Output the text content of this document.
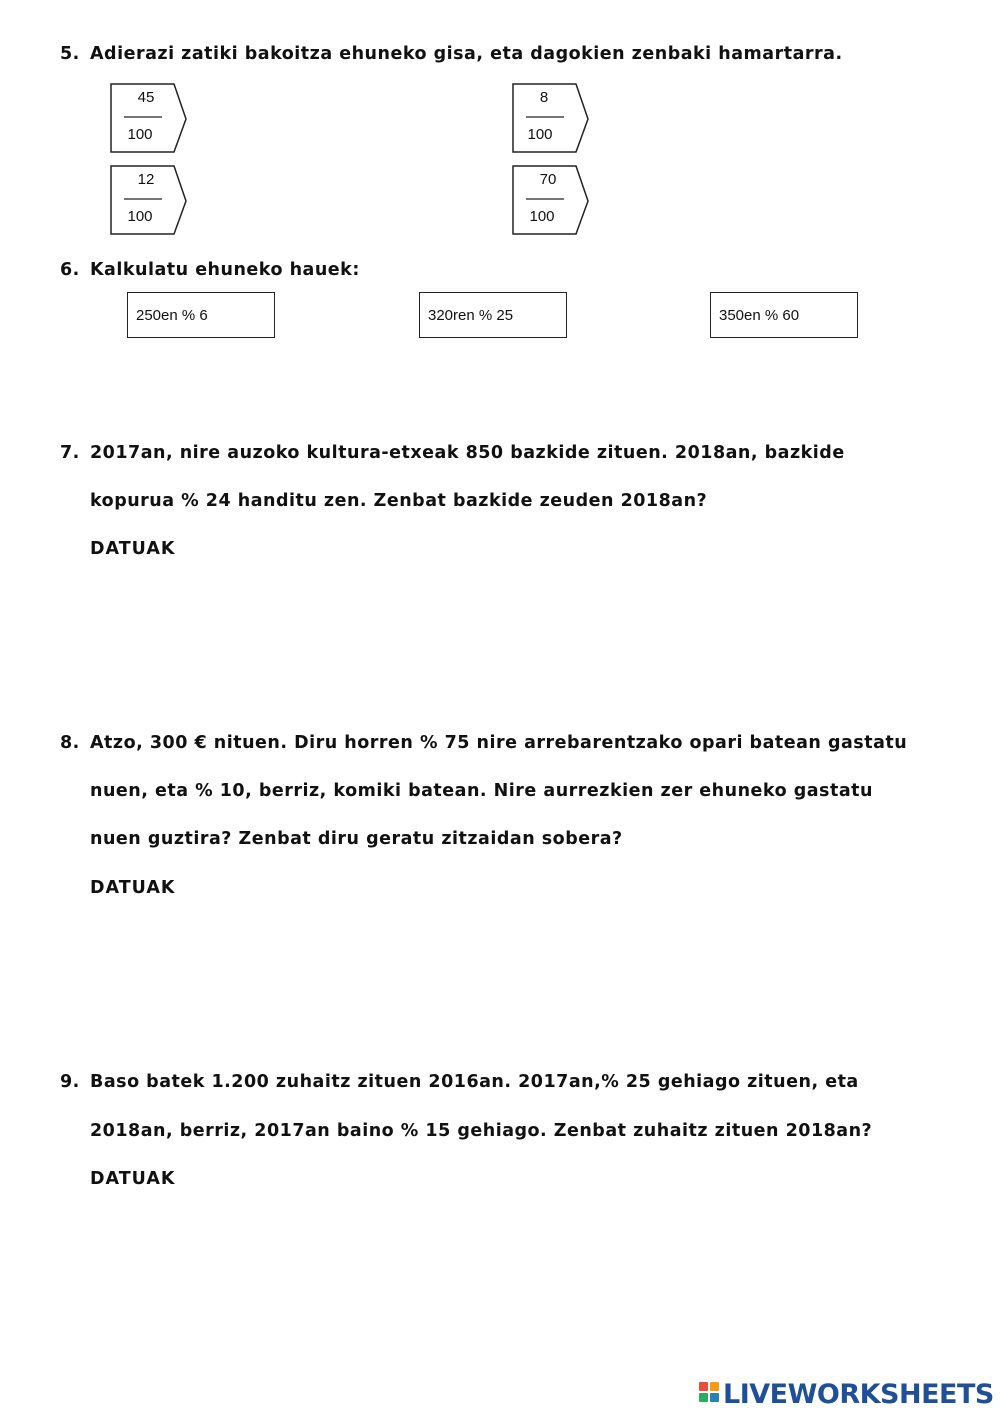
5. Adierazi zatiki bakoitza ehuneko gisa, eta dagokien zenbaki hamartarra.
45
100
8
100
12
100
70
100
6. Kalkulatu ehuneko hauek:
250en % 6	320ren % 25	350en % 60
7. 2017an, nire auzoko kultura-etxeak 850 bazkide zituen. 2018an, bazkide
kopurua % 24 handitu zen. Zenbat bazkide zeuden 2018an?
DATUAK
8. Atzo, 300 € nituen. Diru horren % 75 nire arrebarentzako opari batean gastatu
nuen, eta % 10, berriz, komiki batean. Nire aurrezkien zer ehuneko gastatu
nuen guztira? Zenbat diru geratu zitzaidan sobera?
DATUAK
9. Baso batek 1.200 zuhaitz zituen 2016an. 2017an,% 25 gehiago zituen, eta
2018an, berriz, 2017an baino % 15 gehiago. Zenbat zuhaitz zituen 2018an?
DATUAK
LIVEWORKSHEETS
